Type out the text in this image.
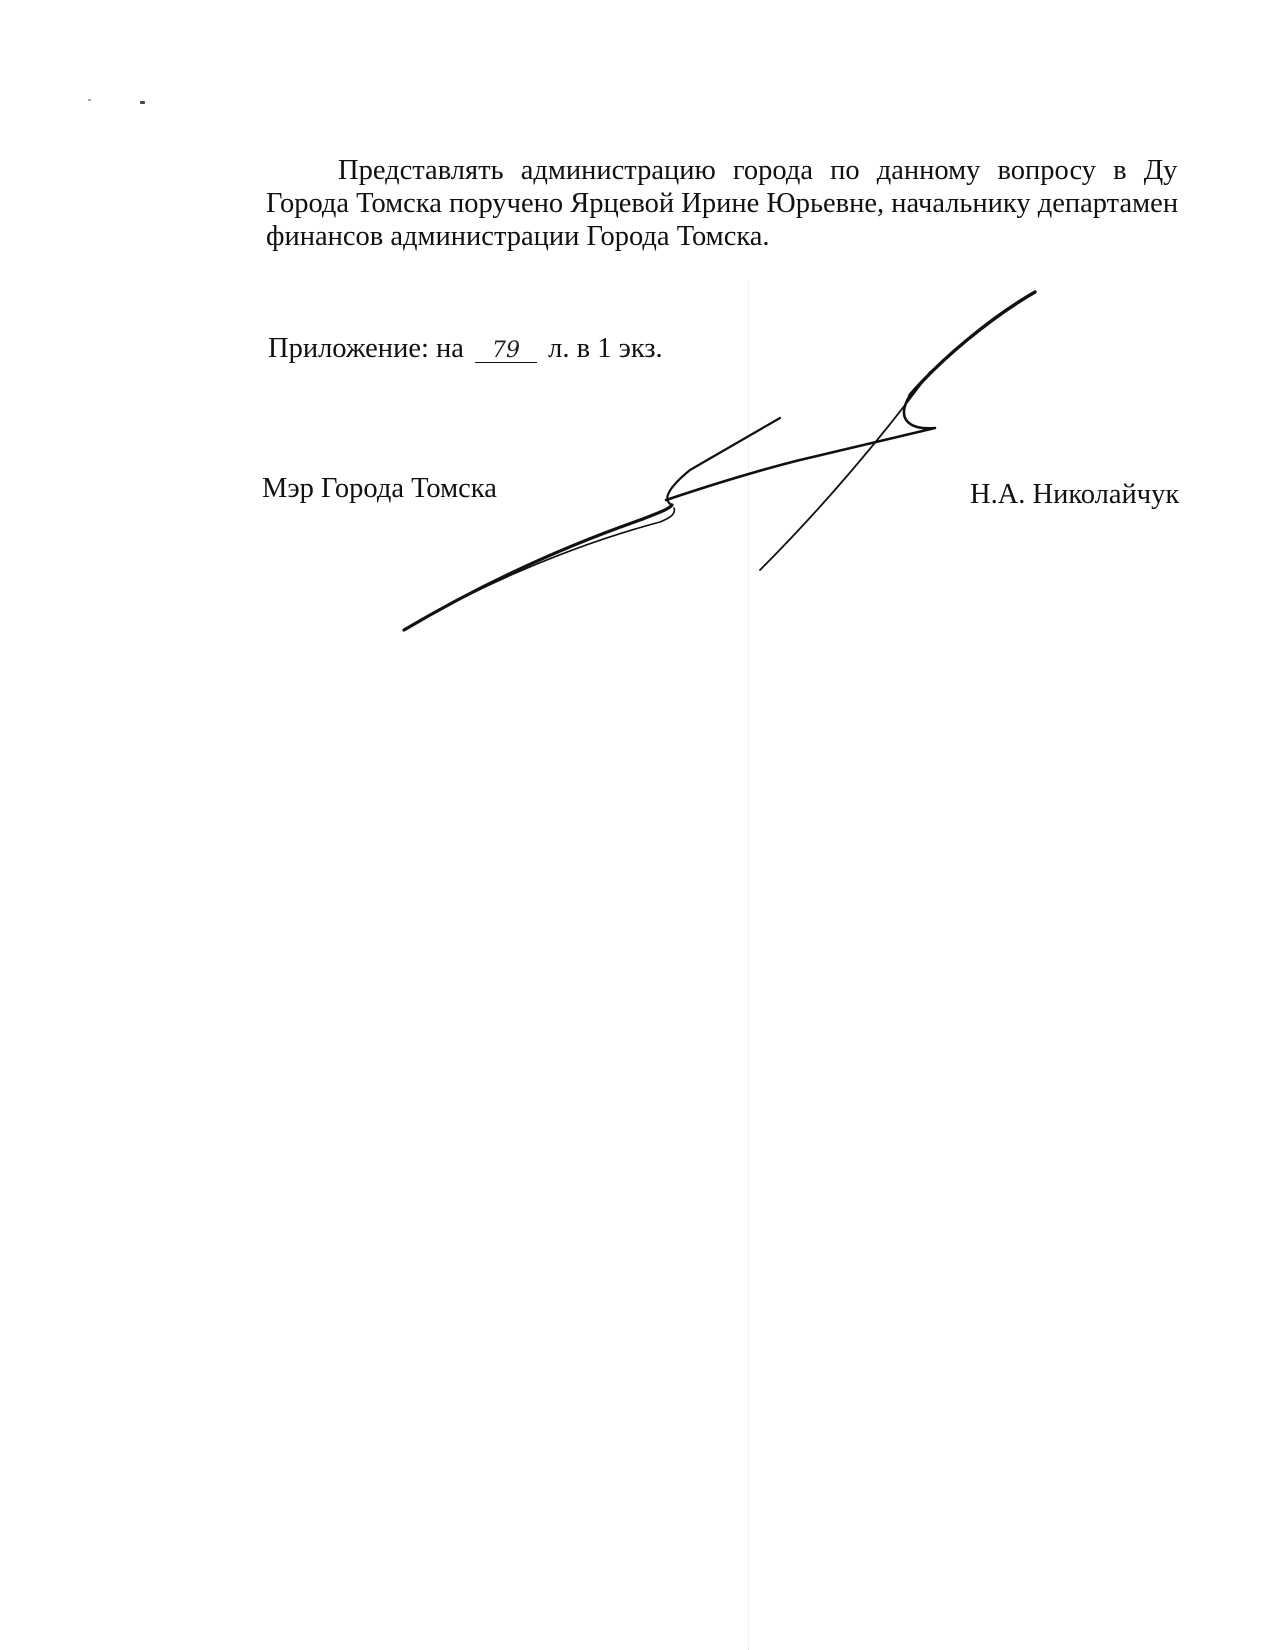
Представлять администрацию города по данному вопросу в Ду
Города Томска поручено Ярцевой Ирине Юрьевне, начальнику департамен
финансов администрации Города Томска.
Приложение: на 79 л. в 1 экз.
Мэр Города Томска	Н.А. Николайчук
